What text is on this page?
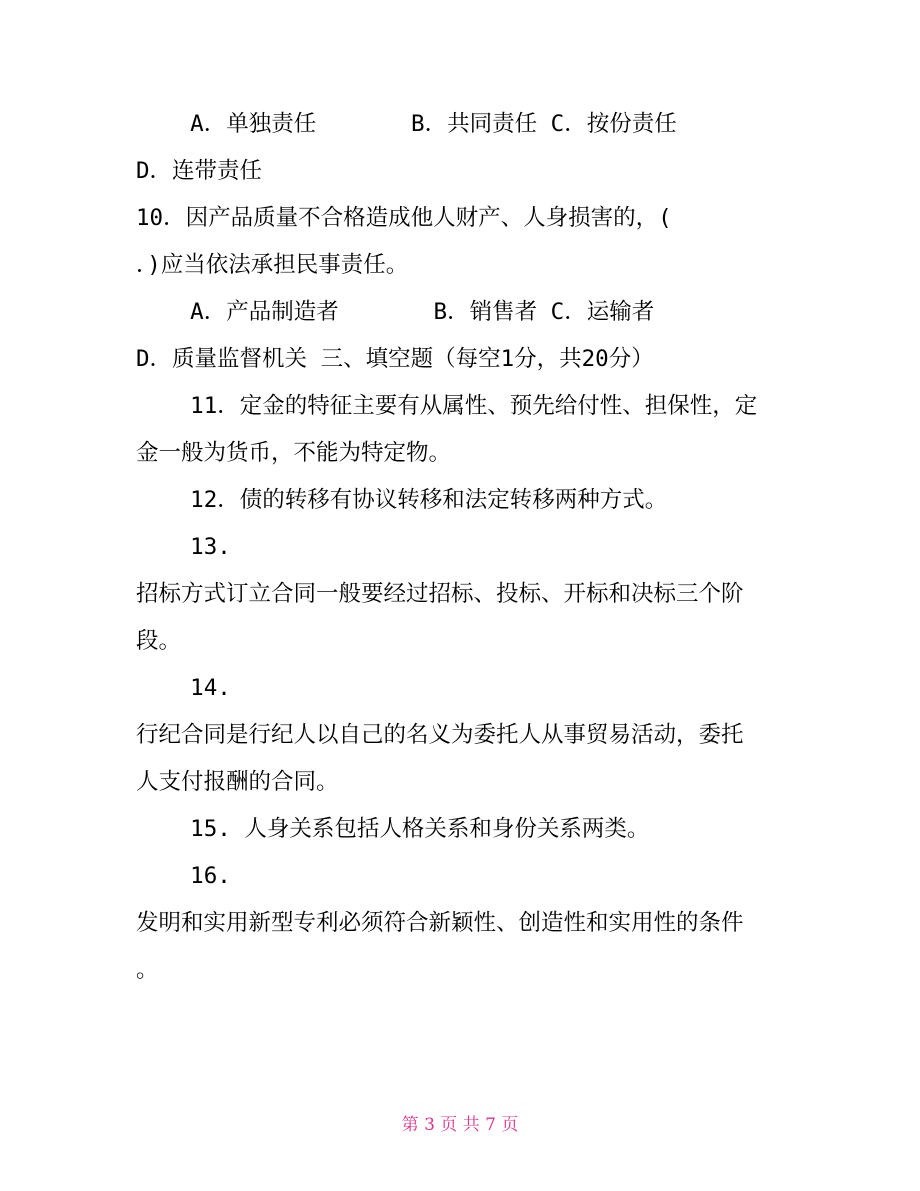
A．单独责任       B．共同责任 C．按份责任

D．连带责任

10．因产品质量不合格造成他人财产、人身损害的，(

．)应当依法承担民事责任。

A．产品制造者       B．销售者 C．运输者

D．质量监督机关 三、填空题（每空1分，共20分）

11．定金的特征主要有从属性、预先给付性、担保性，定

金一般为货币，不能为特定物。

12．债的转移有协议转移和法定转移两种方式。

13.

招标方式订立合同一般要经过招标、投标、开标和决标三个阶

段。

14.

行纪合同是行纪人以自己的名义为委托人从事贸易活动，委托

人支付报酬的合同。

15. 人身关系包括人格关系和身份关系两类。

16.

发明和实用新型专利必须符合新颖性、创造性和实用性的条件

。

第 3 页 共 7 页
